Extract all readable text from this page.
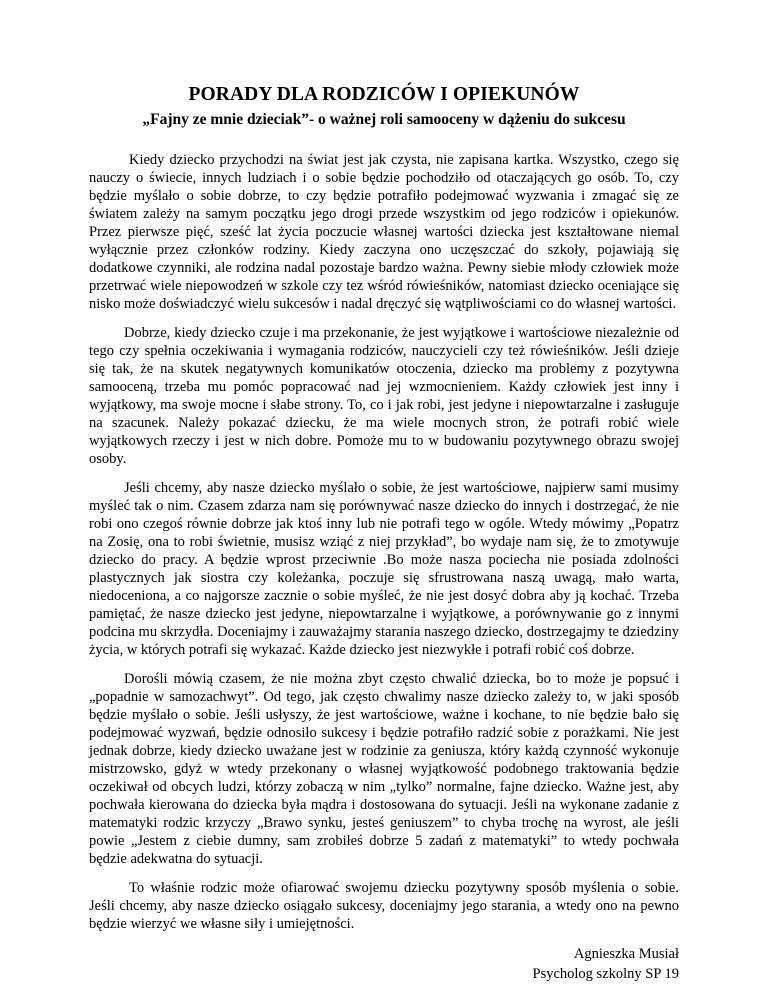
PORADY DLA RODZICÓW I OPIEKUNÓW
„Fajny ze mnie dzieciak”- o ważnej roli samooceny w dążeniu do sukcesu

Kiedy dziecko przychodzi na świat jest jak czysta, nie zapisana kartka. Wszystko, czego się nauczy o świecie, innych ludziach i o sobie będzie pochodziło od otaczających go osób. To, czy będzie myślało o sobie dobrze, to czy będzie potrafiło podejmować wyzwania i zmagać się ze światem zależy na samym początku jego drogi przede wszystkim od jego rodziców i opiekunów. Przez pierwsze pięć, sześć lat życia poczucie własnej wartości dziecka jest kształtowane niemal wyłącznie przez członków rodziny. Kiedy zaczyna ono uczęszczać do szkoły, pojawiają się dodatkowe czynniki, ale rodzina nadal pozostaje bardzo ważna. Pewny siebie młody człowiek może przetrwać wiele niepowodzeń w szkole czy tez wśród rówieśników, natomiast dziecko oceniające się nisko może doświadczyć wielu sukcesów i nadal dręczyć się wątpliwościami co do własnej wartości.

Dobrze, kiedy dziecko czuje i ma przekonanie, że jest wyjątkowe i wartościowe niezależnie od tego czy spełnia oczekiwania i wymagania rodziców, nauczycieli czy też rówieśników. Jeśli dzieje się tak, że na skutek negatywnych komunikatów otoczenia, dziecko ma problemy z pozytywna samooceną, trzeba mu pomóc popracować nad jej wzmocnieniem. Każdy człowiek jest inny i wyjątkowy, ma swoje mocne i słabe strony. To, co i jak robi, jest jedyne i niepowtarzalne i zasługuje na szacunek. Należy pokazać dziecku, że ma wiele mocnych stron, że potrafi robić wiele wyjątkowych rzeczy i jest w nich dobre. Pomoże mu to w budowaniu pozytywnego obrazu swojej osoby.

Jeśli chcemy, aby nasze dziecko myślało o sobie, że jest wartościowe, najpierw sami musimy myśleć tak o nim. Czasem zdarza nam się porównywać nasze dziecko do innych i dostrzegać, że nie robi ono czegoś równie dobrze jak ktoś inny lub nie potrafi tego w ogóle. Wtedy mówimy „Popatrz na Zosię, ona to robi świetnie, musisz wziąć z niej przykład”, bo wydaje nam się, że to zmotywuje dziecko do pracy. A będzie wprost przeciwnie .Bo może nasza pociecha nie posiada zdolności plastycznych jak siostra czy koleżanka, poczuje się sfrustrowana naszą uwagą, mało warta, niedoceniona, a co najgorsze zacznie o sobie myśleć, że nie jest dosyć dobra aby ją kochać. Trzeba pamiętać, że nasze dziecko jest jedyne, niepowtarzalne i wyjątkowe, a porównywanie go z innymi podcina mu skrzydła. Doceniajmy i zauważajmy starania naszego dziecko, dostrzegajmy te dziedziny życia, w których potrafi się wykazać. Każde dziecko jest niezwykłe i potrafi robić coś dobrze.

Dorośli mówią czasem, że nie można zbyt często chwalić dziecka, bo to może je popsuć i „popadnie w samozachwyt”. Od tego, jak często chwalimy nasze dziecko zależy to, w jaki sposób będzie myślało o sobie. Jeśli usłyszy, że jest wartościowe, ważne i kochane, to nie będzie bało się podejmować wyzwań, będzie odnosiło sukcesy i będzie potrafiło radzić sobie z porażkami. Nie jest jednak dobrze, kiedy dziecko uważane jest w rodzinie za geniusza, który każdą czynność wykonuje mistrzowsko, gdyż w wtedy przekonany o własnej wyjątkowość podobnego traktowania będzie oczekiwał od obcych ludzi, którzy zobaczą w nim „tylko” normalne, fajne dziecko. Ważne jest, aby pochwała kierowana do dziecka była mądra i dostosowana do sytuacji. Jeśli na wykonane zadanie z matematyki rodzic krzyczy „Brawo synku, jesteś geniuszem” to chyba trochę na wyrost, ale jeśli powie „Jestem z ciebie dumny, sam zrobiłeś dobrze 5 zadań z matematyki” to wtedy pochwała będzie adekwatna do sytuacji.

To właśnie rodzic może ofiarować swojemu dziecku pozytywny sposób myślenia o sobie. Jeśli chcemy, aby nasze dziecko osiągało sukcesy, doceniajmy jego starania, a wtedy ono na pewno będzie wierzyć we własne siły i umiejętności.

Agnieszka Musiał
Psycholog szkolny SP 19
